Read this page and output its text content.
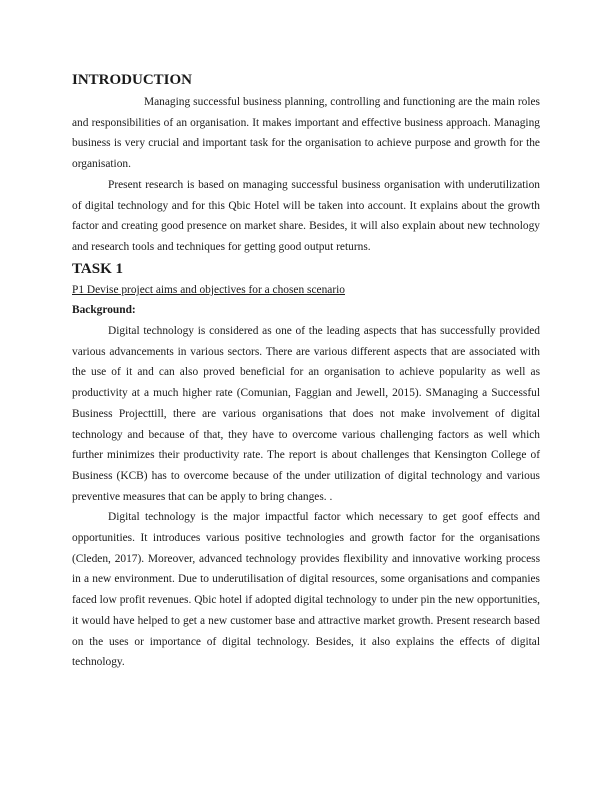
INTRODUCTION

Managing successful business planning, controlling and functioning are the main roles and responsibilities of an organisation. It makes important and effective business approach. Managing business is very crucial and important task for the organisation to achieve purpose and growth for the organisation.

Present research is based on managing successful business organisation with underutilization of digital technology and for this Qbic Hotel will be taken into account. It explains about the growth factor and creating good presence on market share. Besides, it will also explain about new technology and research tools and techniques for getting good output returns.

TASK 1

P1 Devise project aims and objectives for a chosen scenario

Background:

Digital technology is considered as one of the leading aspects that has successfully provided various advancements in various sectors. There are various different aspects that are associated with the use of it and can also proved beneficial for an organisation to achieve popularity as well as productivity at a much higher rate (Comunian, Faggian and Jewell, 2015). SManaging a Successful Business Projecttill, there are various organisations that does not make involvement of digital technology and because of that, they have to overcome various challenging factors as well which further minimizes their productivity rate. The report is about challenges that Kensington College of Business (KCB) has to overcome because of the under utilization of digital technology and various preventive measures that can be apply to bring changes. .

Digital technology is the major impactful factor which necessary to get goof effects and opportunities. It introduces various positive technologies and growth factor for the organisations (Cleden, 2017). Moreover, advanced technology provides flexibility and innovative working process in a new environment. Due to underutilisation of digital resources, some organisations and companies faced low profit revenues. Qbic hotel if adopted digital technology to under pin the new opportunities, it would have helped to get a new customer base and attractive market growth. Present research based on the uses or importance of digital technology. Besides, it also explains the effects of digital technology.
